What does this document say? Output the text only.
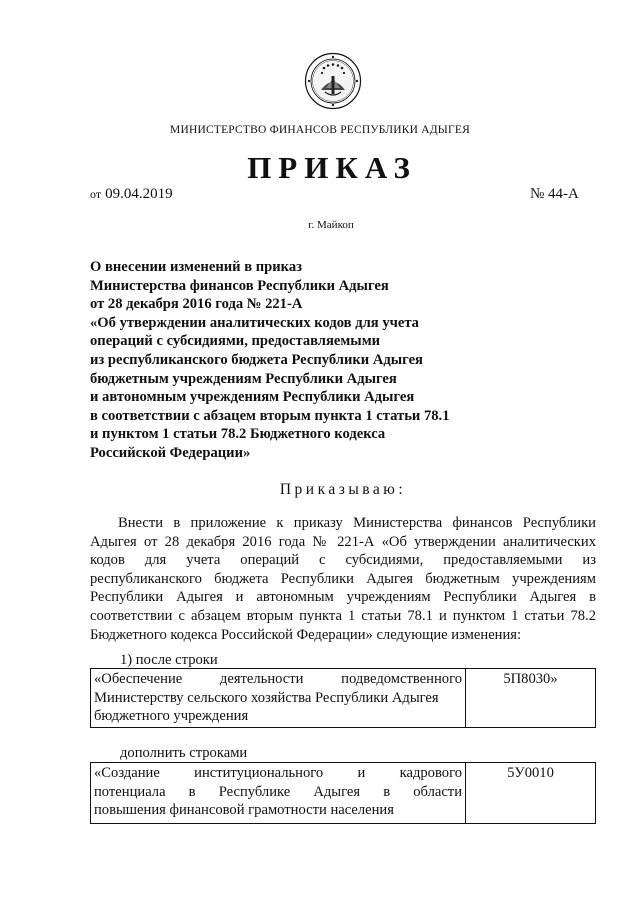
МИНИСТЕРСТВО ФИНАНСОВ РЕСПУБЛИКИ АДЫГЕЯ
ПРИКАЗ
от 09.04.2019	№ 44-А
г. Майкоп
О внесении изменений в приказ
Министерства финансов Республики Адыгея
от 28 декабря 2016 года № 221-А
«Об утверждении аналитических кодов для учета
операций с субсидиями, предоставляемыми
из республиканского бюджета Республики Адыгея
бюджетным учреждениям Республики Адыгея
и автономным учреждениям Республики Адыгея
в соответствии с абзацем вторым пункта 1 статьи 78.1
и пунктом 1 статьи 78.2 Бюджетного кодекса
Российской Федерации»
Приказываю:
Внести в приложение к приказу Министерства финансов Республики
Адыгея от 28 декабря 2016 года № 221-А «Об утверждении аналитических
кодов для учета операций с субсидиями, предоставляемыми из
республиканского бюджета Республики Адыгея бюджетным учреждениям
Республики Адыгея и автономным учреждениям Республики Адыгея в
соответствии с абзацем вторым пункта 1 статьи 78.1 и пунктом 1 статьи 78.2
Бюджетного кодекса Российской Федерации» следующие изменения:
1) после строки
«Обеспечение деятельности подведомственного
Министерству сельского хозяйства Республики Адыгея
бюджетного учреждения
	5П8030»
дополнить строками
«Создание институционального и кадрового
потенциала в Республике Адыгея в области
повышения финансовой грамотности населения
	5У0010
